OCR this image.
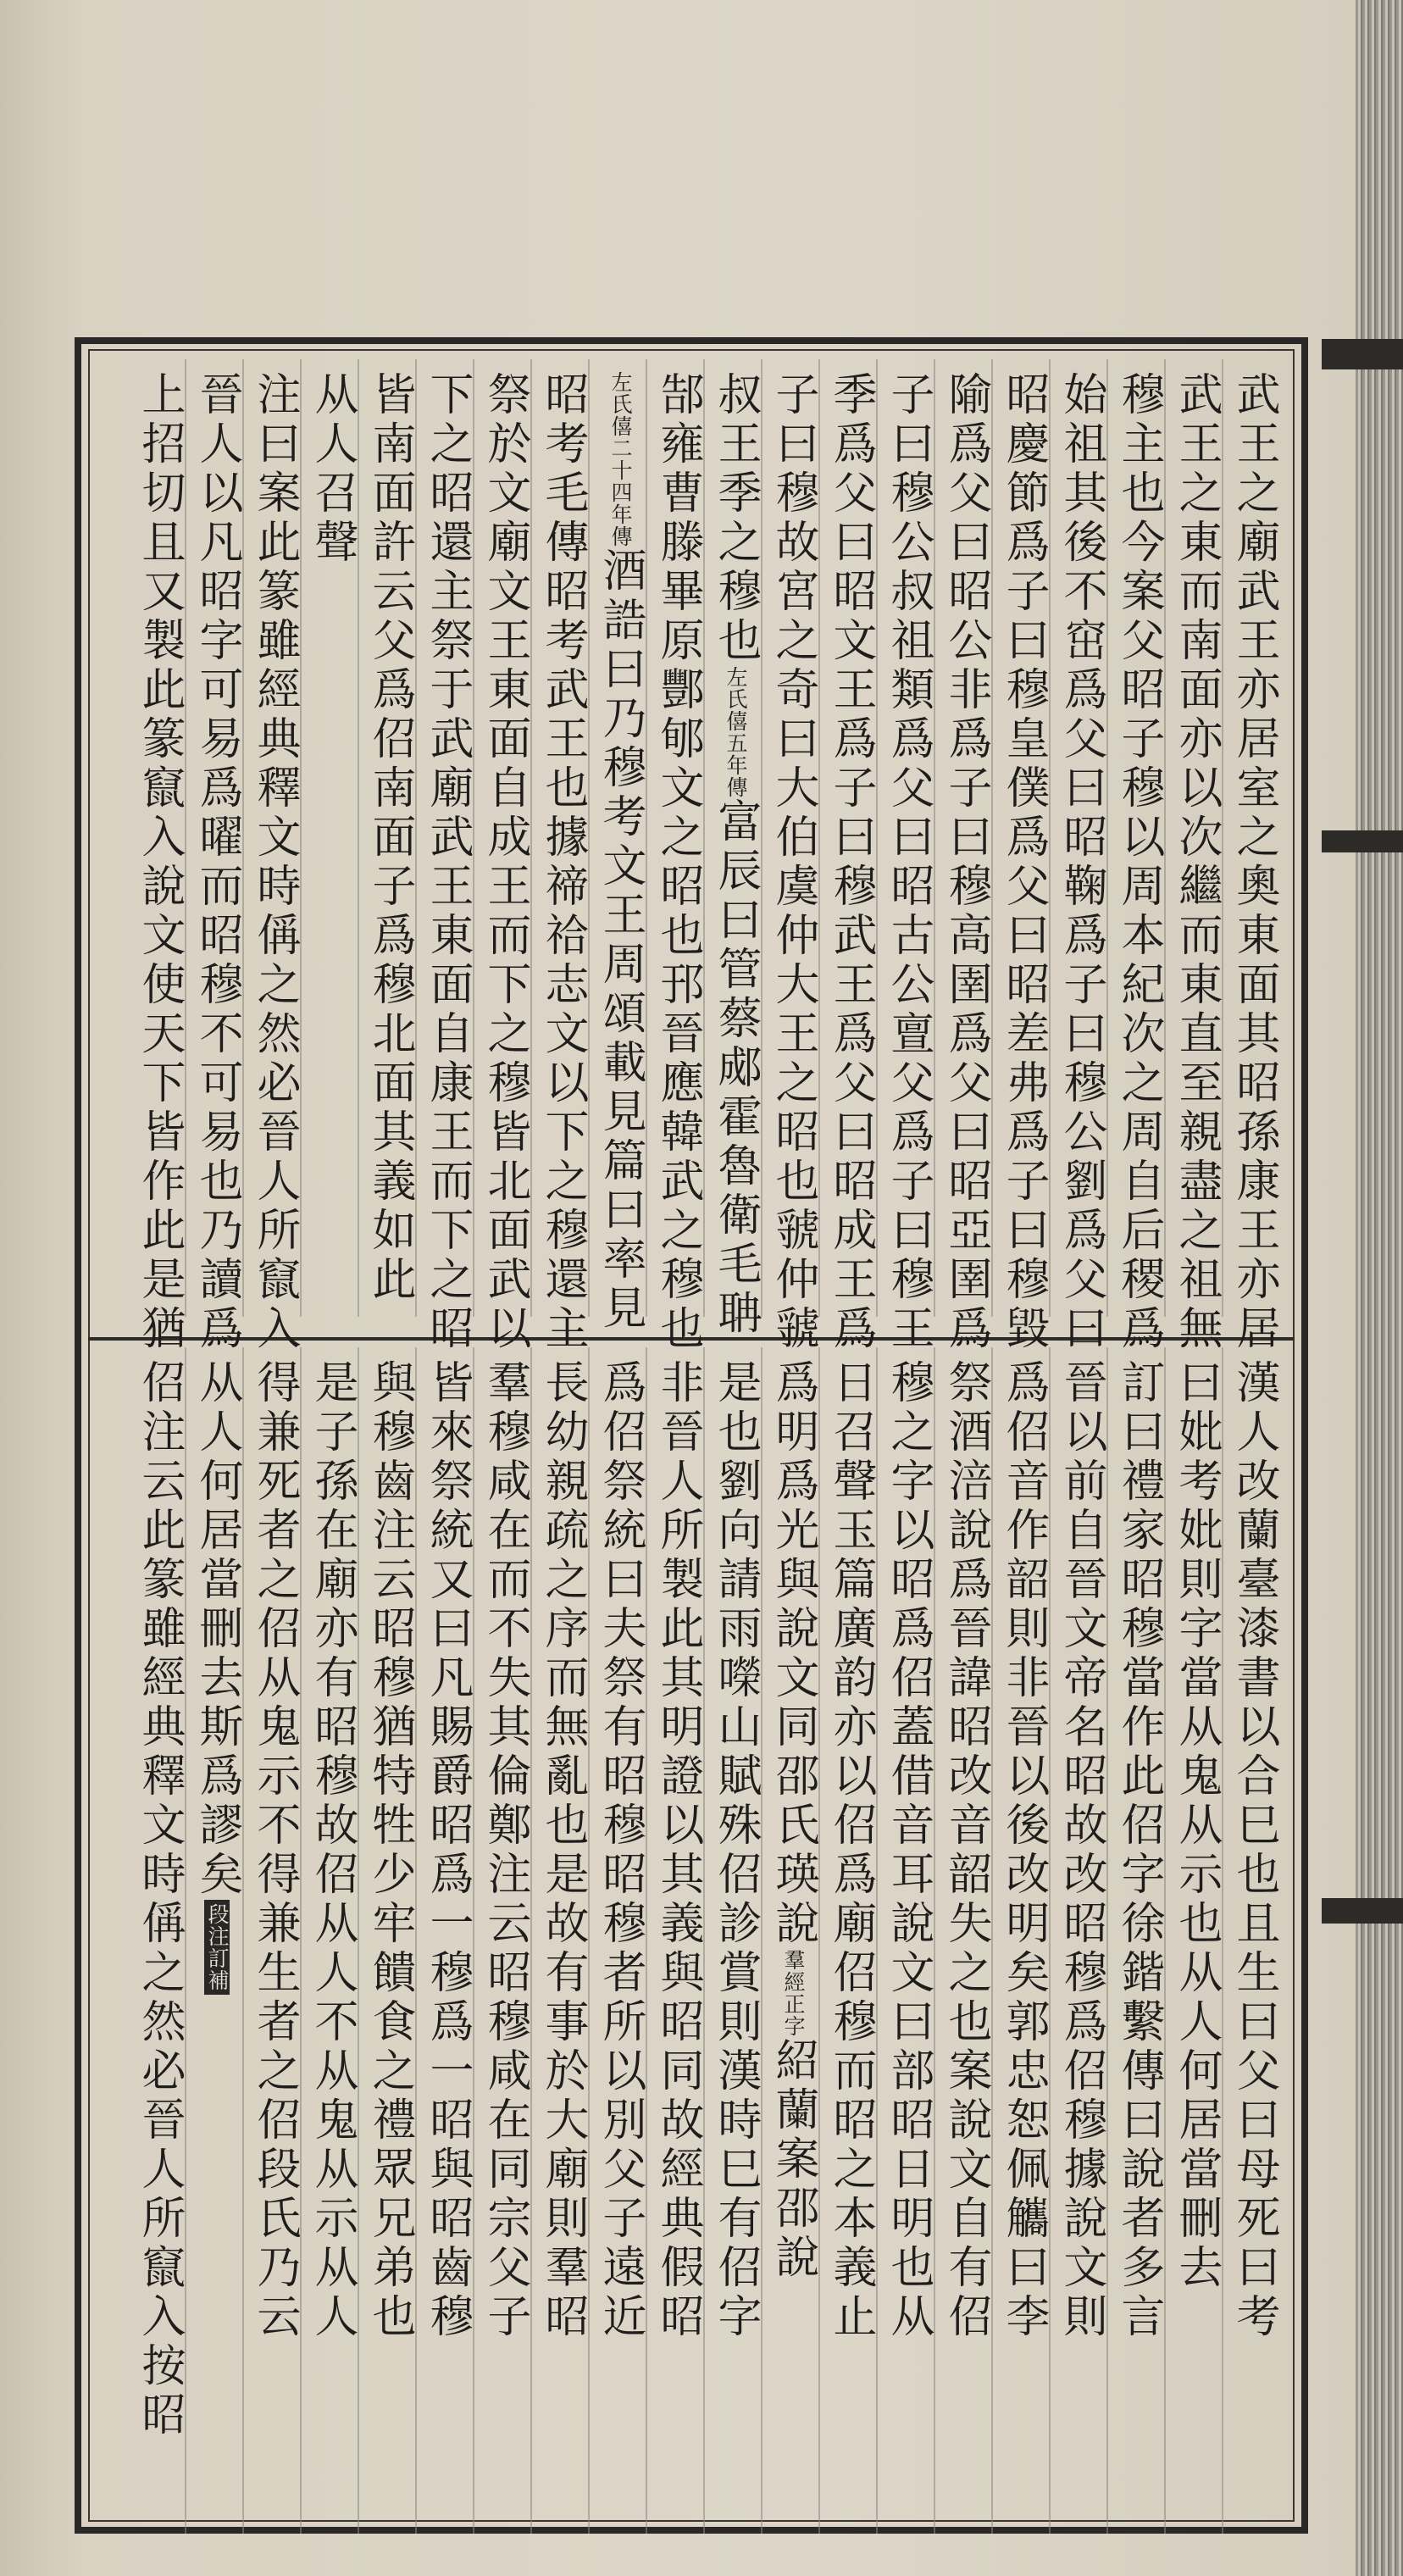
武王之廟武王亦居室之奧東面其昭孫康王亦居
武王之東而南面亦以次繼而東直至親盡之祖無
穆主也今案父昭子穆以周本紀次之周自后稷爲
始祖其後不窋爲父曰昭鞠爲子曰穆公劉爲父曰
昭慶節爲子曰穆皇僕爲父曰昭差弗爲子曰穆毀
隃爲父曰昭公非爲子曰穆高圉爲父曰昭亞圉爲
子曰穆公叔祖類爲父曰昭古公亶父爲子曰穆王
季爲父曰昭文王爲子曰穆武王爲父曰昭成王爲
子曰穆故宮之奇曰大伯虞仲大王之昭也虢仲虢
叔王季之穆也左氏僖五年傳富辰曰管蔡郕霍魯衛毛聃
郜雍曹滕畢原酆郇文之昭也邘晉應韓武之穆也
左氏僖二十四年傳酒誥曰乃穆考文王周頌載見篇曰率見
昭考毛傳昭考武王也據禘祫志文以下之穆還主
祭於文廟文王東面自成王而下之穆皆北面武以
下之昭還主祭于武廟武王東面自康王而下之昭
皆南面許云父爲佋南面子爲穆北面其義如此
从人召聲
注曰案此篆雖經典釋文時偁之然必晉人所竄入
晉人以凡昭字可易爲曜而昭穆不可易也乃讀爲
上招切且又製此篆竄入說文使天下皆作此是猶
漢人改蘭臺漆書以合巳也且生曰父曰母死曰考
曰妣考妣則字當从鬼从示也从人何居當刪去
訂曰禮家昭穆當作此佋字徐鍇繫傳曰說者多言
晉以前自晉文帝名昭故改昭穆爲佋穆據說文則
爲佋音作韶則非晉以後改明矣郭忠恕佩觿曰李
祭酒涪說爲晉諱昭改音韶失之也案說文自有佋
穆之字以昭爲佋蓋借音耳說文曰部昭日明也从
日召聲玉篇廣韵亦以佋爲廟佋穆而昭之本義止
爲明爲光與說文同邵氏瑛說羣經正字紹蘭案邵說
是也劉向請雨㘇山賦殊佋診賞則漢時巳有佋字
非晉人所製此其明證以其義與昭同故經典假昭
爲佋祭統曰夫祭有昭穆昭穆者所以別父子遠近
長幼親疏之序而無亂也是故有事於大廟則羣昭
羣穆咸在而不失其倫鄭注云昭穆咸在同宗父子
皆來祭統又曰凡賜爵昭爲一穆爲一昭與昭齒穆
與穆齒注云昭穆猶特牲少牢饋食之禮眾兄弟也
是子孫在廟亦有昭穆故佋从人不从鬼从示从人
得兼死者之佋从鬼示不得兼生者之佋段氏乃云
从人何居當刪去斯爲謬矣段注訂補
佋注云此篆雖經典釋文時偁之然必晉人所竄入按昭
